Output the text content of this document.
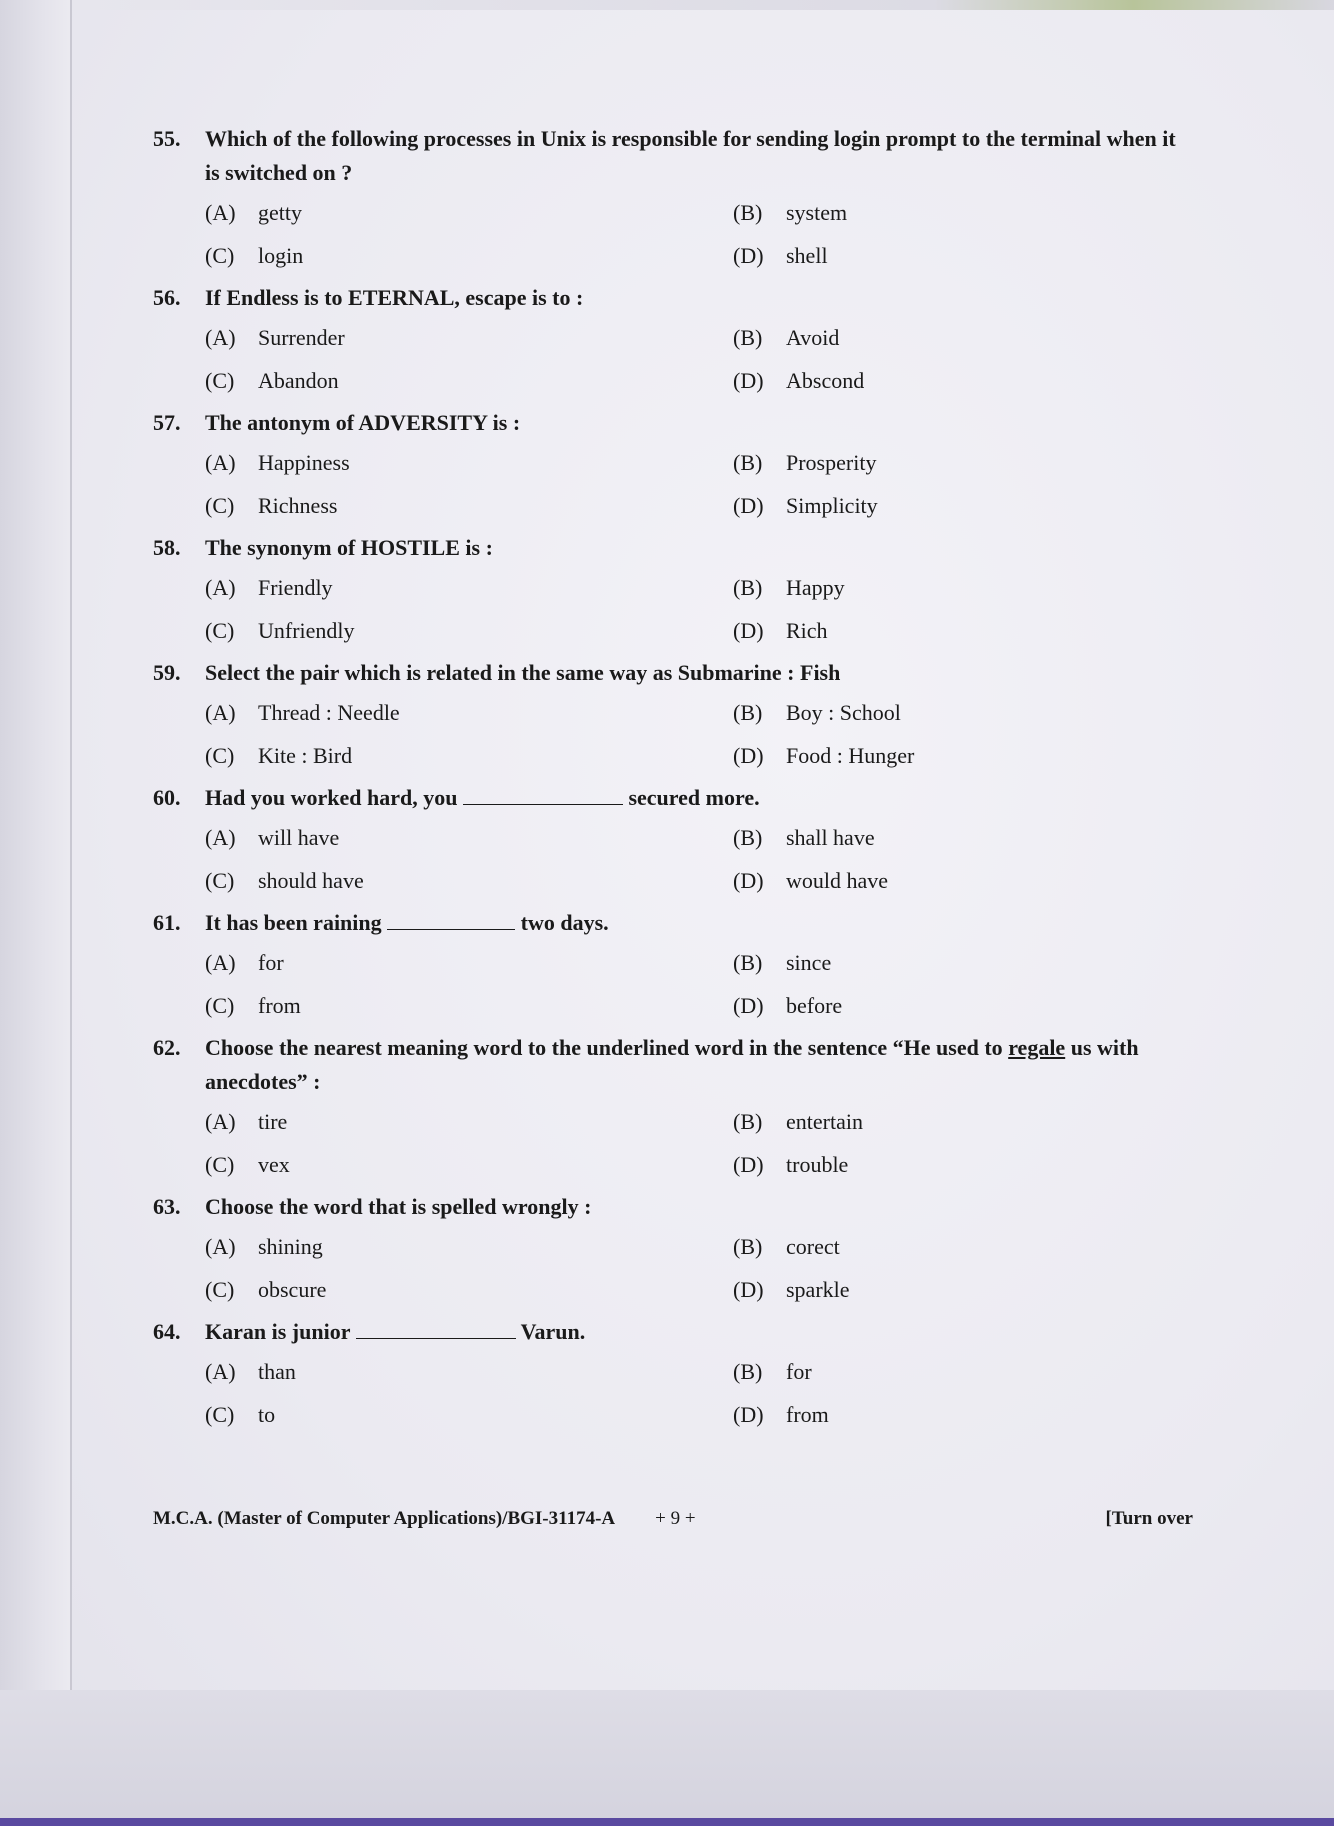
55.	Which of the following processes in Unix is responsible for sending login prompt to the terminal when it is switched on ?
(A) getty	(B) system
(C) login	(D) shell
56.	If Endless is to ETERNAL, escape is to :
(A) Surrender	(B) Avoid
(C) Abandon	(D) Abscond
57.	The antonym of ADVERSITY is :
(A) Happiness	(B) Prosperity
(C) Richness	(D) Simplicity
58.	The synonym of HOSTILE is :
(A) Friendly	(B) Happy
(C) Unfriendly	(D) Rich
59.	Select the pair which is related in the same way as Submarine : Fish
(A) Thread : Needle	(B) Boy : School
(C) Kite : Bird	(D) Food : Hunger
60.	Had you worked hard, you	secured more.
(A) will have	(B) shall have
(C) should have	(D) would have
61.	It has been raining	two days.
(A) for	(B) since
(C) from	(D) before
62.	Choose the nearest meaning word to the underlined word in the sentence “He used to regale us with anecdotes” :
(A) tire	(B) entertain
(C) vex	(D) trouble
63.	Choose the word that is spelled wrongly :
(A) shining	(B) corect
(C) obscure	(D) sparkle
64.	Karan is junior	Varun.
(A) than	(B) for
(C) to	(D) from
M.C.A. (Master of Computer Applications)/BGI-31174-A + 9 +	[Turn over
